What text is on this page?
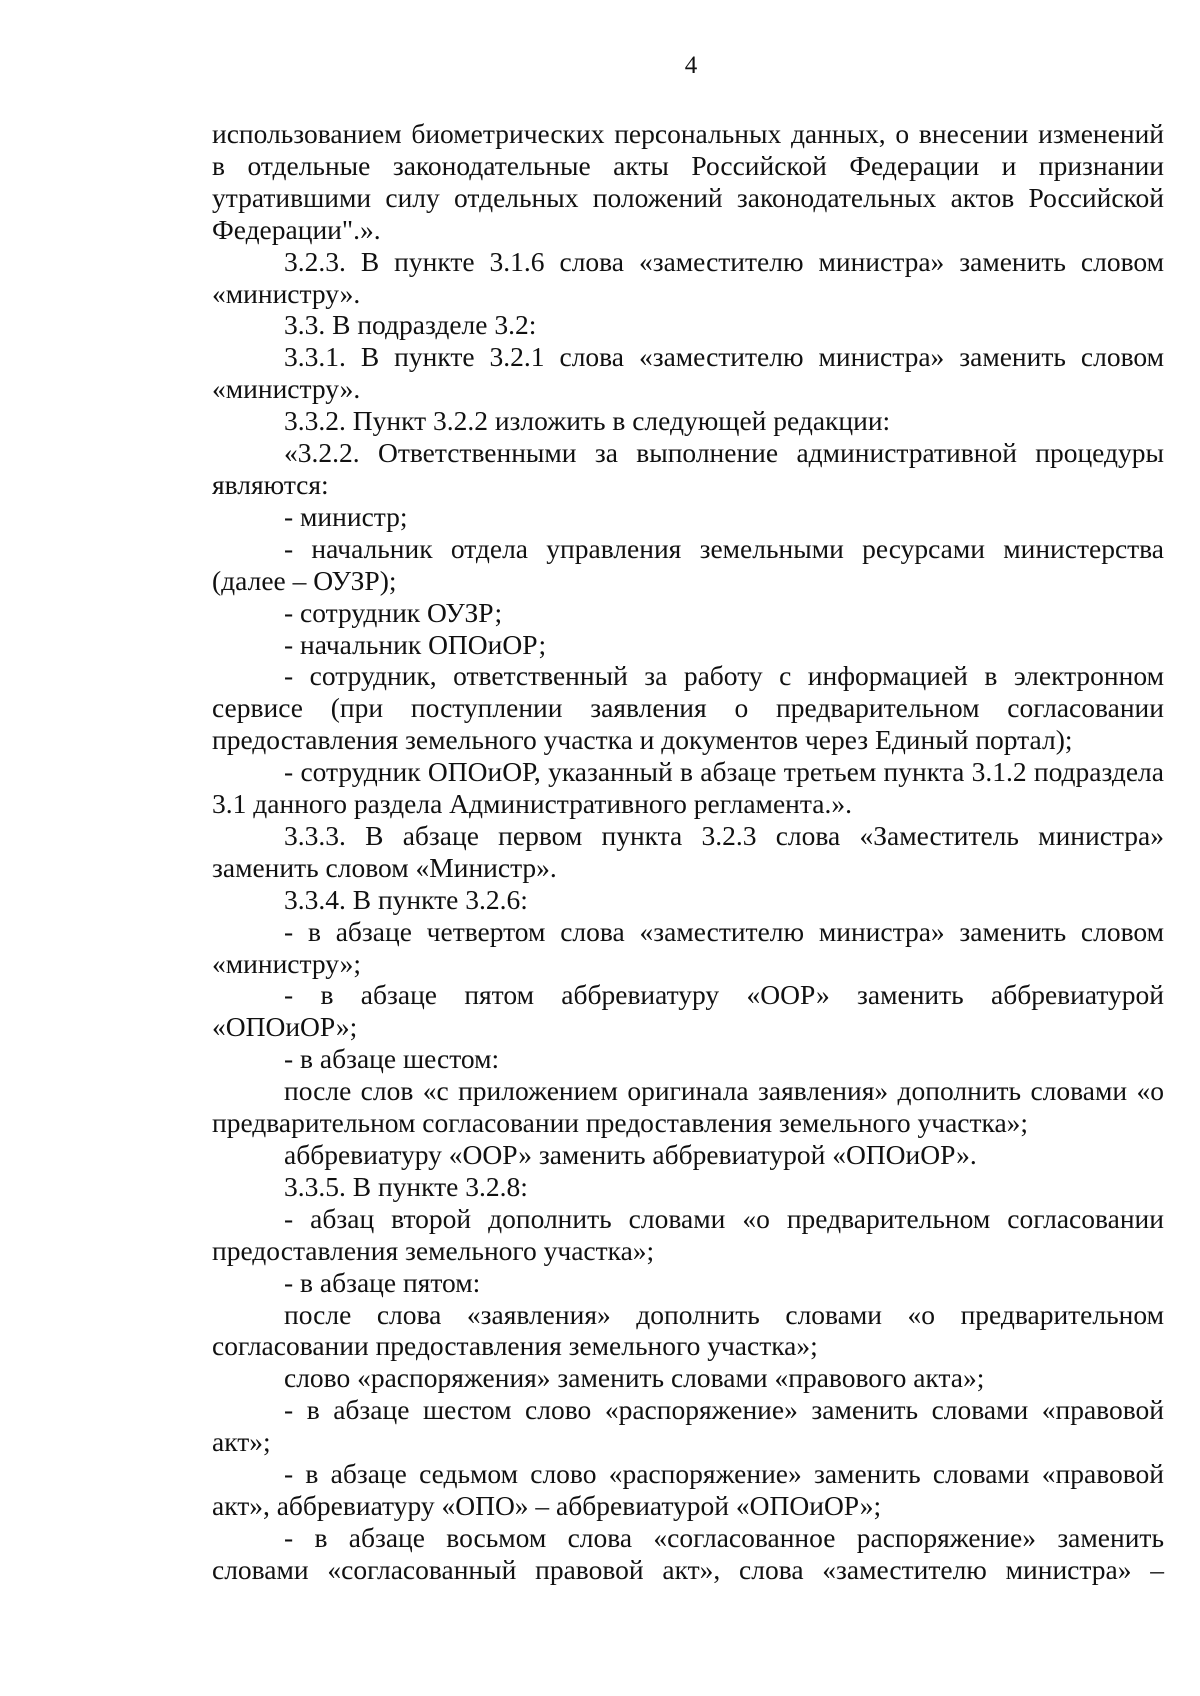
4

использованием биометрических персональных данных, о внесении изменений в отдельные законодательные акты Российской Федерации и признании утратившими силу отдельных положений законодательных актов Российской Федерации".».

3.2.3. В пункте 3.1.6 слова «заместителю министра» заменить словом «министру».

3.3. В подразделе 3.2:

3.3.1. В пункте 3.2.1 слова «заместителю министра» заменить словом «министру».

3.3.2. Пункт 3.2.2 изложить в следующей редакции:

«3.2.2. Ответственными за выполнение административной процедуры являются:

- министр;

- начальник отдела управления земельными ресурсами министерства (далее – ОУЗР);

- сотрудник ОУЗР;

- начальник ОПОиОР;

- сотрудник, ответственный за работу с информацией в электронном сервисе (при поступлении заявления о предварительном согласовании предоставления земельного участка и документов через Единый портал);

- сотрудник ОПОиОР, указанный в абзаце третьем пункта 3.1.2 подраздела 3.1 данного раздела Административного регламента.».

3.3.3. В абзаце первом пункта 3.2.3 слова «Заместитель министра» заменить словом «Министр».

3.3.4. В пункте 3.2.6:

- в абзаце четвертом слова «заместителю министра» заменить словом «министру»;

- в абзаце пятом аббревиатуру «ООР» заменить аббревиатурой «ОПОиОР»;

- в абзаце шестом:

после слов «с приложением оригинала заявления» дополнить словами «о предварительном согласовании предоставления земельного участка»;

аббревиатуру «ООР» заменить аббревиатурой «ОПОиОР».

3.3.5. В пункте 3.2.8:

- абзац второй дополнить словами «о предварительном согласовании предоставления земельного участка»;

- в абзаце пятом:

после слова «заявления» дополнить словами «о предварительном согласовании предоставления земельного участка»;

слово «распоряжения» заменить словами «правового акта»;

- в абзаце шестом слово «распоряжение» заменить словами «правовой акт»;

- в абзаце седьмом слово «распоряжение» заменить словами «правовой акт», аббревиатуру «ОПО» – аббревиатурой «ОПОиОР»;

- в абзаце восьмом слова «согласованное распоряжение» заменить словами «согласованный правовой акт», слова «заместителю министра» –
